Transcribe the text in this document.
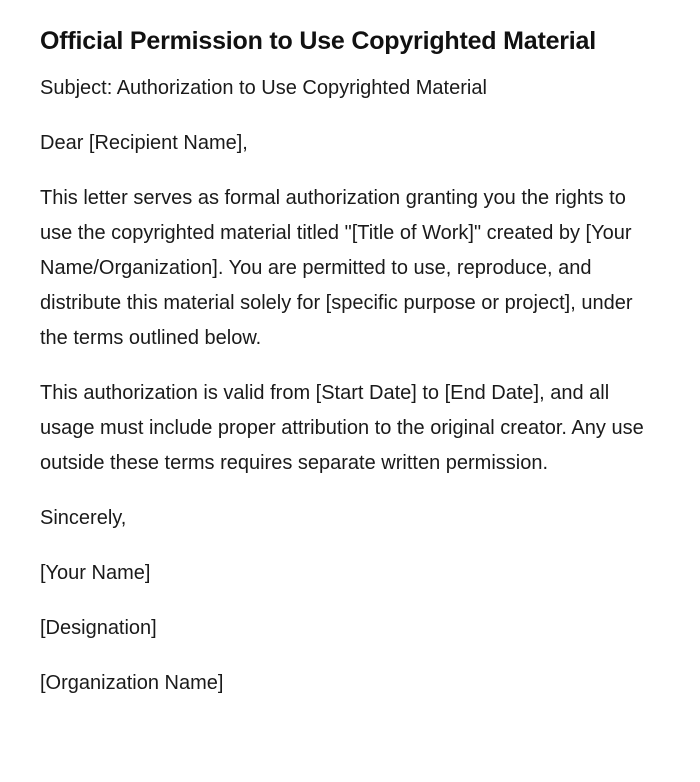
Official Permission to Use Copyrighted Material

Subject: Authorization to Use Copyrighted Material

Dear [Recipient Name],

This letter serves as formal authorization granting you the rights to use the copyrighted material titled "[Title of Work]" created by [Your Name/Organization]. You are permitted to use, reproduce, and distribute this material solely for [specific purpose or project], under the terms outlined below.

This authorization is valid from [Start Date] to [End Date], and all usage must include proper attribution to the original creator. Any use outside these terms requires separate written permission.

Sincerely,

[Your Name]

[Designation]

[Organization Name]
